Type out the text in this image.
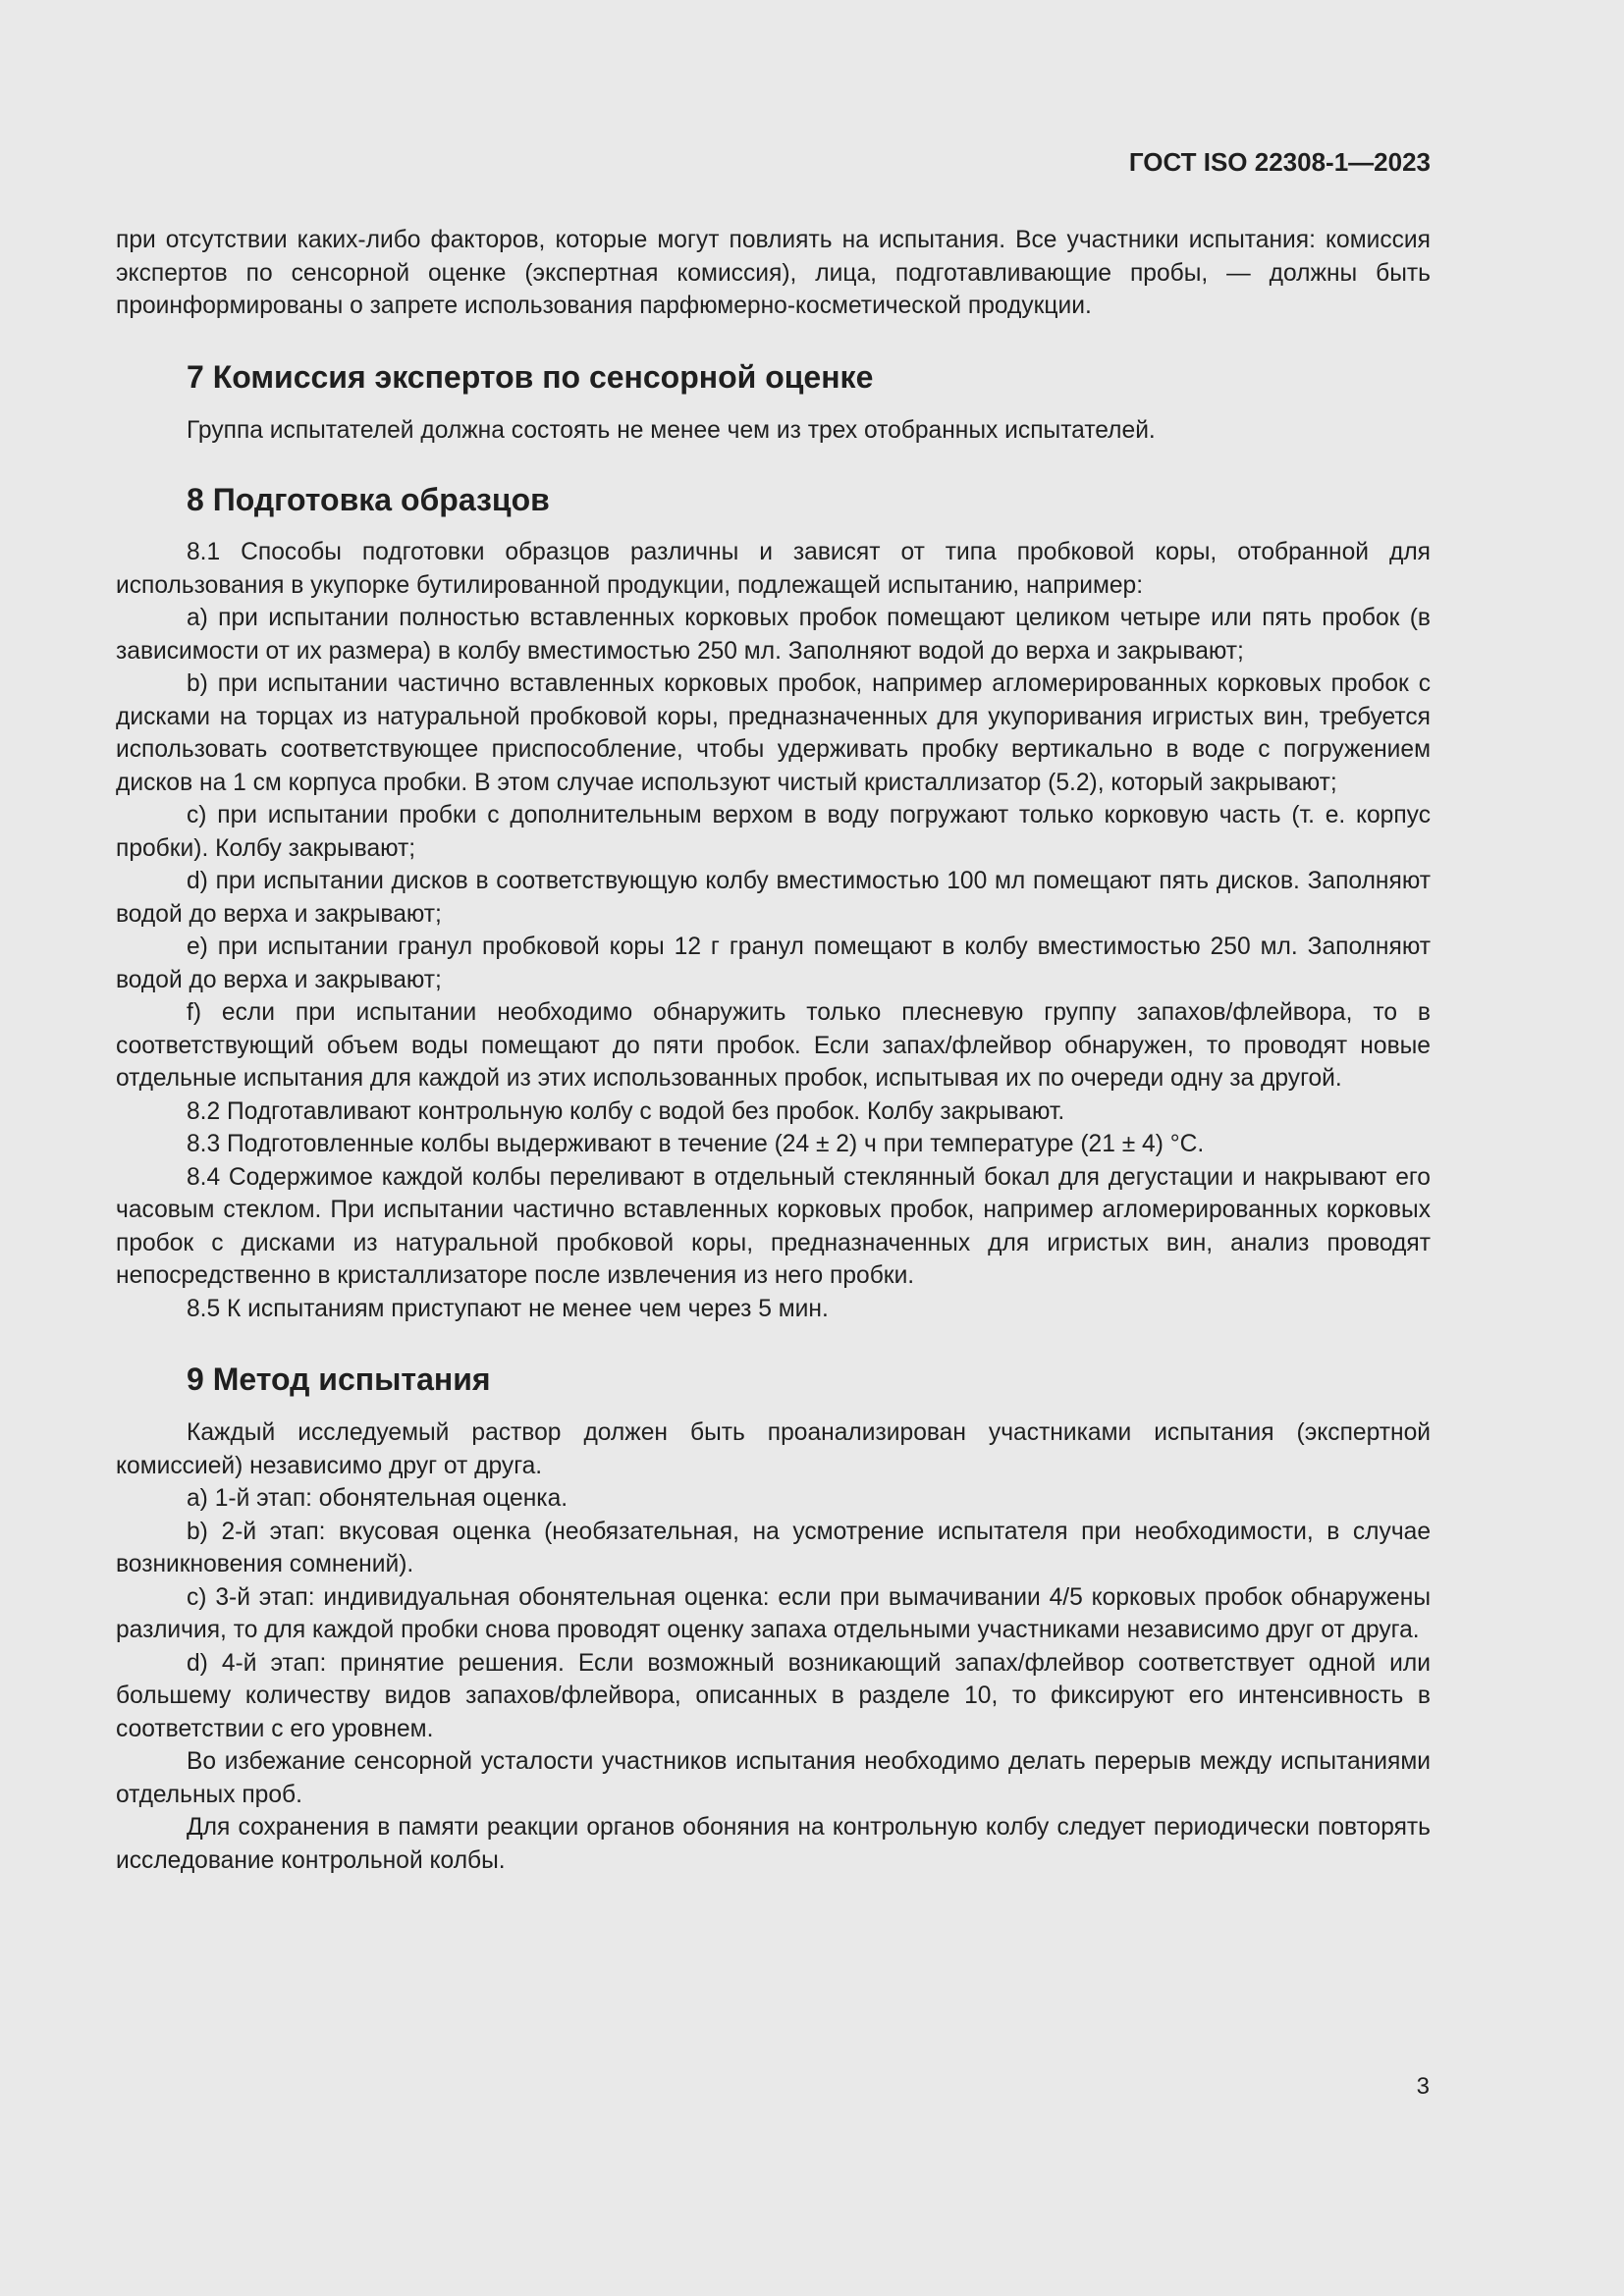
ГОСТ ISO 22308-1—2023

при отсутствии каких-либо факторов, которые могут повлиять на испытания. Все участники испытания: комиссия экспертов по сенсорной оценке (экспертная комиссия), лица, подготавливающие пробы, — должны быть проинформированы о запрете использования парфюмерно-косметической продукции.

7 Комиссия экспертов по сенсорной оценке

Группа испытателей должна состоять не менее чем из трех отобранных испытателей.

8 Подготовка образцов

8.1 Способы подготовки образцов различны и зависят от типа пробковой коры, отобранной для использования в укупорке бутилированной продукции, подлежащей испытанию, например:

a) при испытании полностью вставленных корковых пробок помещают целиком четыре или пять пробок (в зависимости от их размера) в колбу вместимостью 250 мл. Заполняют водой до верха и закрывают;

b) при испытании частично вставленных корковых пробок, например агломерированных корковых пробок с дисками на торцах из натуральной пробковой коры, предназначенных для укупоривания игристых вин, требуется использовать соответствующее приспособление, чтобы удерживать пробку вертикально в воде с погружением дисков на 1 см корпуса пробки. В этом случае используют чистый кристаллизатор (5.2), который закрывают;

c) при испытании пробки с дополнительным верхом в воду погружают только корковую часть (т. е. корпус пробки). Колбу закрывают;

d) при испытании дисков в соответствующую колбу вместимостью 100 мл помещают пять дисков. Заполняют водой до верха и закрывают;

e) при испытании гранул пробковой коры 12 г гранул помещают в колбу вместимостью 250 мл. Заполняют водой до верха и закрывают;

f) если при испытании необходимо обнаружить только плесневую группу запахов/флейвора, то в соответствующий объем воды помещают до пяти пробок. Если запах/флейвор обнаружен, то проводят новые отдельные испытания для каждой из этих использованных пробок, испытывая их по очереди одну за другой.

8.2 Подготавливают контрольную колбу с водой без пробок. Колбу закрывают.

8.3 Подготовленные колбы выдерживают в течение (24 ± 2) ч при температуре (21 ± 4) °С.

8.4 Содержимое каждой колбы переливают в отдельный стеклянный бокал для дегустации и накрывают его часовым стеклом. При испытании частично вставленных корковых пробок, например агломерированных корковых пробок с дисками из натуральной пробковой коры, предназначенных для игристых вин, анализ проводят непосредственно в кристаллизаторе после извлечения из него пробки.

8.5 К испытаниям приступают не менее чем через 5 мин.

9 Метод испытания

Каждый исследуемый раствор должен быть проанализирован участниками испытания (экспертной комиссией) независимо друг от друга.

a) 1-й этап: обонятельная оценка.

b) 2-й этап: вкусовая оценка (необязательная, на усмотрение испытателя при необходимости, в случае возникновения сомнений).

c) 3-й этап: индивидуальная обонятельная оценка: если при вымачивании 4/5 корковых пробок обнаружены различия, то для каждой пробки снова проводят оценку запаха отдельными участниками независимо друг от друга.

d) 4-й этап: принятие решения. Если возможный возникающий запах/флейвор соответствует одной или большему количеству видов запахов/флейвора, описанных в разделе 10, то фиксируют его интенсивность в соответствии с его уровнем.

Во избежание сенсорной усталости участников испытания необходимо делать перерыв между испытаниями отдельных проб.

Для сохранения в памяти реакции органов обоняния на контрольную колбу следует периодически повторять исследование контрольной колбы.

3
